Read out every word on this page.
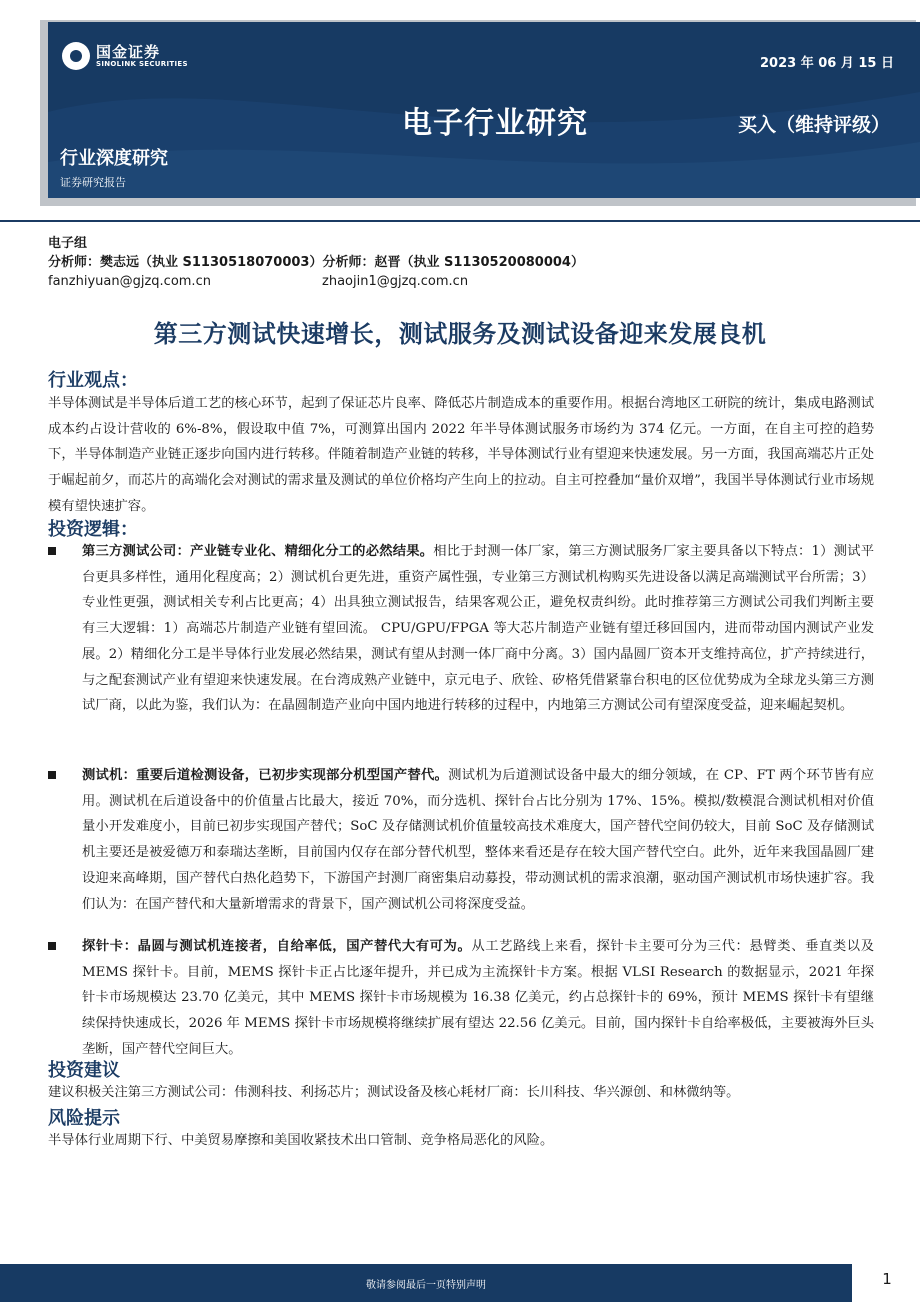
国金证券
SINOLINK SECURITIES	2023 年 06 月 15 日
电子行业研究	买入（维持评级）
行业深度研究
证券研究报告
电子组
分析师：樊志远（执业 S1130518070003） 分析师：赵晋（执业 S1130520080004）
fanzhiyuan@gjzq.com.cn	zhaojin1@gjzq.com.cn
第三方测试快速增长，测试服务及测试设备迎来发展良机
行业观点：
半导体测试是半导体后道工艺的核心环节，起到了保证芯片良率、降低芯片制造成本的重要作用。根据台湾地区工研院的统计，集成电路测试成本约占设计营收的 6%-8%，假设取中值 7%，可测算出国内 2022 年半导体测试服务市场约为 374 亿元。一方面，在自主可控的趋势下，半导体制造产业链正逐步向国内进行转移。伴随着制造产业链的转移，半导体测试行业有望迎来快速发展。另一方面，我国高端芯片正处于崛起前夕，而芯片的高端化会对测试的需求量及测试的单位价格均产生向上的拉动。自主可控叠加“量价双增”，我国半导体测试行业市场规模有望快速扩容。
投资逻辑：
第三方测试公司：产业链专业化、精细化分工的必然结果。相比于封测一体厂家，第三方测试服务厂家主要具备以下特点：1）测试平台更具多样性，通用化程度高；2）测试机台更先进，重资产属性强，专业第三方测试机构购买先进设备以满足高端测试平台所需；3）专业性更强，测试相关专利占比更高；4）出具独立测试报告，结果客观公正，避免权责纠纷。此时推荐第三方测试公司我们判断主要有三大逻辑：1）高端芯片制造产业链有望回流。 CPU/GPU/FPGA 等大芯片制造产业链有望迁移回国内，进而带动国内测试产业发展。2）精细化分工是半导体行业发展必然结果，测试有望从封测一体厂商中分离。3）国内晶圆厂资本开支维持高位，扩产持续进行，与之配套测试产业有望迎来快速发展。在台湾成熟产业链中，京元电子、欣铨、矽格凭借紧靠台积电的区位优势成为全球龙头第三方测试厂商，以此为鉴，我们认为：在晶圆制造产业向中国内地进行转移的过程中，内地第三方测试公司有望深度受益，迎来崛起契机。
测试机：重要后道检测设备，已初步实现部分机型国产替代。测试机为后道测试设备中最大的细分领域，在 CP、FT 两个环节皆有应用。测试机在后道设备中的价值量占比最大，接近 70%，而分选机、探针台占比分别为 17%、15%。模拟/数模混合测试机相对价值量小开发难度小，目前已初步实现国产替代；SoC 及存储测试机价值量较高技术难度大，国产替代空间仍较大，目前 SoC 及存储测试机主要还是被爱德万和泰瑞达垄断，目前国内仅存在部分替代机型，整体来看还是存在较大国产替代空白。此外，近年来我国晶圆厂建设迎来高峰期，国产替代白热化趋势下，下游国产封测厂商密集启动募投，带动测试机的需求浪潮，驱动国产测试机市场快速扩容。我们认为：在国产替代和大量新增需求的背景下，国产测试机公司将深度受益。
探针卡：晶圆与测试机连接者，自给率低，国产替代大有可为。从工艺路线上来看，探针卡主要可分为三代：悬臂类、垂直类以及 MEMS 探针卡。目前，MEMS 探针卡正占比逐年提升，并已成为主流探针卡方案。根据 VLSI Research 的数据显示，2021 年探针卡市场规模达 23.70 亿美元，其中 MEMS 探针卡市场规模为 16.38 亿美元，约占总探针卡的 69%，预计 MEMS 探针卡有望继续保持快速成长，2026 年 MEMS 探针卡市场规模将继续扩展有望达 22.56 亿美元。目前，国内探针卡自给率极低，主要被海外巨头垄断，国产替代空间巨大。
投资建议
建议积极关注第三方测试公司：伟测科技、利扬芯片；测试设备及核心耗材厂商：长川科技、华兴源创、和林微纳等。
风险提示
半导体行业周期下行、中美贸易摩擦和美国收紧技术出口管制、竞争格局恶化的风险。
敬请参阅最后一页特别声明	1
